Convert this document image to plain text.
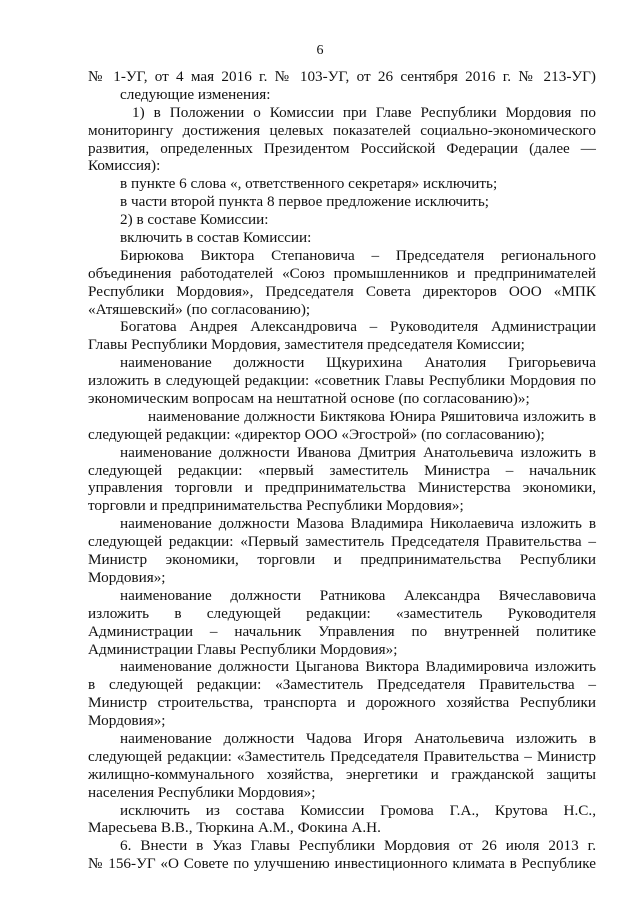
6
№ 1-УГ, от 4 мая 2016 г. № 103-УГ, от 26 сентября 2016 г. № 213-УГ)
следующие изменения:
1) в Положении о Комиссии при Главе Республики Мордовия по
мониторингу достижения целевых показателей социально-экономического
развития, определенных Президентом Российской Федерации (далее —
Комиссия):
в пункте 6 слова «, ответственного секретаря» исключить;
в части второй пункта 8 первое предложение исключить;
2) в составе Комиссии:
включить в состав Комиссии:
Бирюкова Виктора Степановича – Председателя регионального
объединения работодателей «Союз промышленников и предпринимателей
Республики Мордовия», Председателя Совета директоров ООО «МПК
«Атяшевский» (по согласованию);
Богатова Андрея Александровича – Руководителя Администрации
Главы Республики Мордовия, заместителя председателя Комиссии;
наименование должности Щкурихина Анатолия Григорьевича
изложить в следующей редакции: «советник Главы Республики Мордовия по
экономическим вопросам на нештатной основе (по согласованию)»;
наименование должности Биктякова Юнира Ряшитовича изложить в
следующей редакции: «директор ООО «Эгострой» (по согласованию);
наименование должности Иванова Дмитрия Анатольевича изложить в
следующей редакции: «первый заместитель Министра – начальник
управления торговли и предпринимательства Министерства экономики,
торговли и предпринимательства Республики Мордовия»;
наименование должности Мазова Владимира Николаевича изложить в
следующей редакции: «Первый заместитель Председателя Правительства –
Министр экономики, торговли и предпринимательства Республики
Мордовия»;
наименование должности Ратникова Александра Вячеславовича
изложить в следующей редакции: «заместитель Руководителя
Администрации – начальник Управления по внутренней политике
Администрации Главы Республики Мордовия»;
наименование должности Цыганова Виктора Владимировича изложить
в следующей редакции: «Заместитель Председателя Правительства –
Министр строительства, транспорта и дорожного хозяйства Республики
Мордовия»;
наименование должности Чадова Игоря Анатольевича изложить в
следующей редакции: «Заместитель Председателя Правительства – Министр
жилищно-коммунального хозяйства, энергетики и гражданской защиты
населения Республики Мордовия»;
исключить из состава Комиссии Громова Г.А., Крутова Н.С.,
Маресьева В.В., Тюркина А.М., Фокина А.Н.
6. Внести в Указ Главы Республики Мордовия от 26 июля 2013 г.
№ 156-УГ «О Совете по улучшению инвестиционного климата в Республике
